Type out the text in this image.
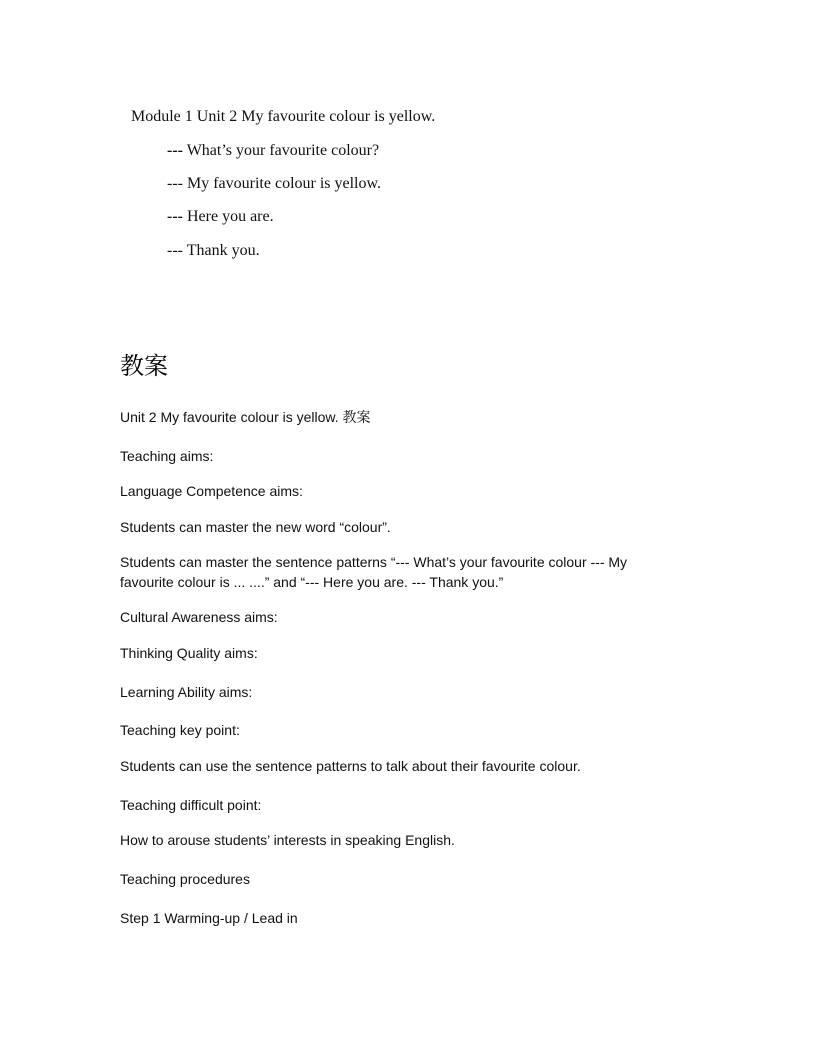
Module 1 Unit 2 My favourite colour is yellow.
--- What’s your favourite colour?
--- My favourite colour is yellow.
--- Here you are.
--- Thank you.
教案
Unit 2 My favourite colour is yellow. 教案
Teaching aims:
Language Competence aims:
Students can master the new word “colour”.
Students can master the sentence patterns “--- What’s your favourite colour --- My favourite colour is ... ....” and “--- Here you are. --- Thank you.”
Cultural Awareness aims:
Thinking Quality aims:
Learning Ability aims:
Teaching key point:
Students can use the sentence patterns to talk about their favourite colour.
Teaching difficult point:
How to arouse students’ interests in speaking English.
Teaching procedures
Step 1 Warming-up / Lead in
